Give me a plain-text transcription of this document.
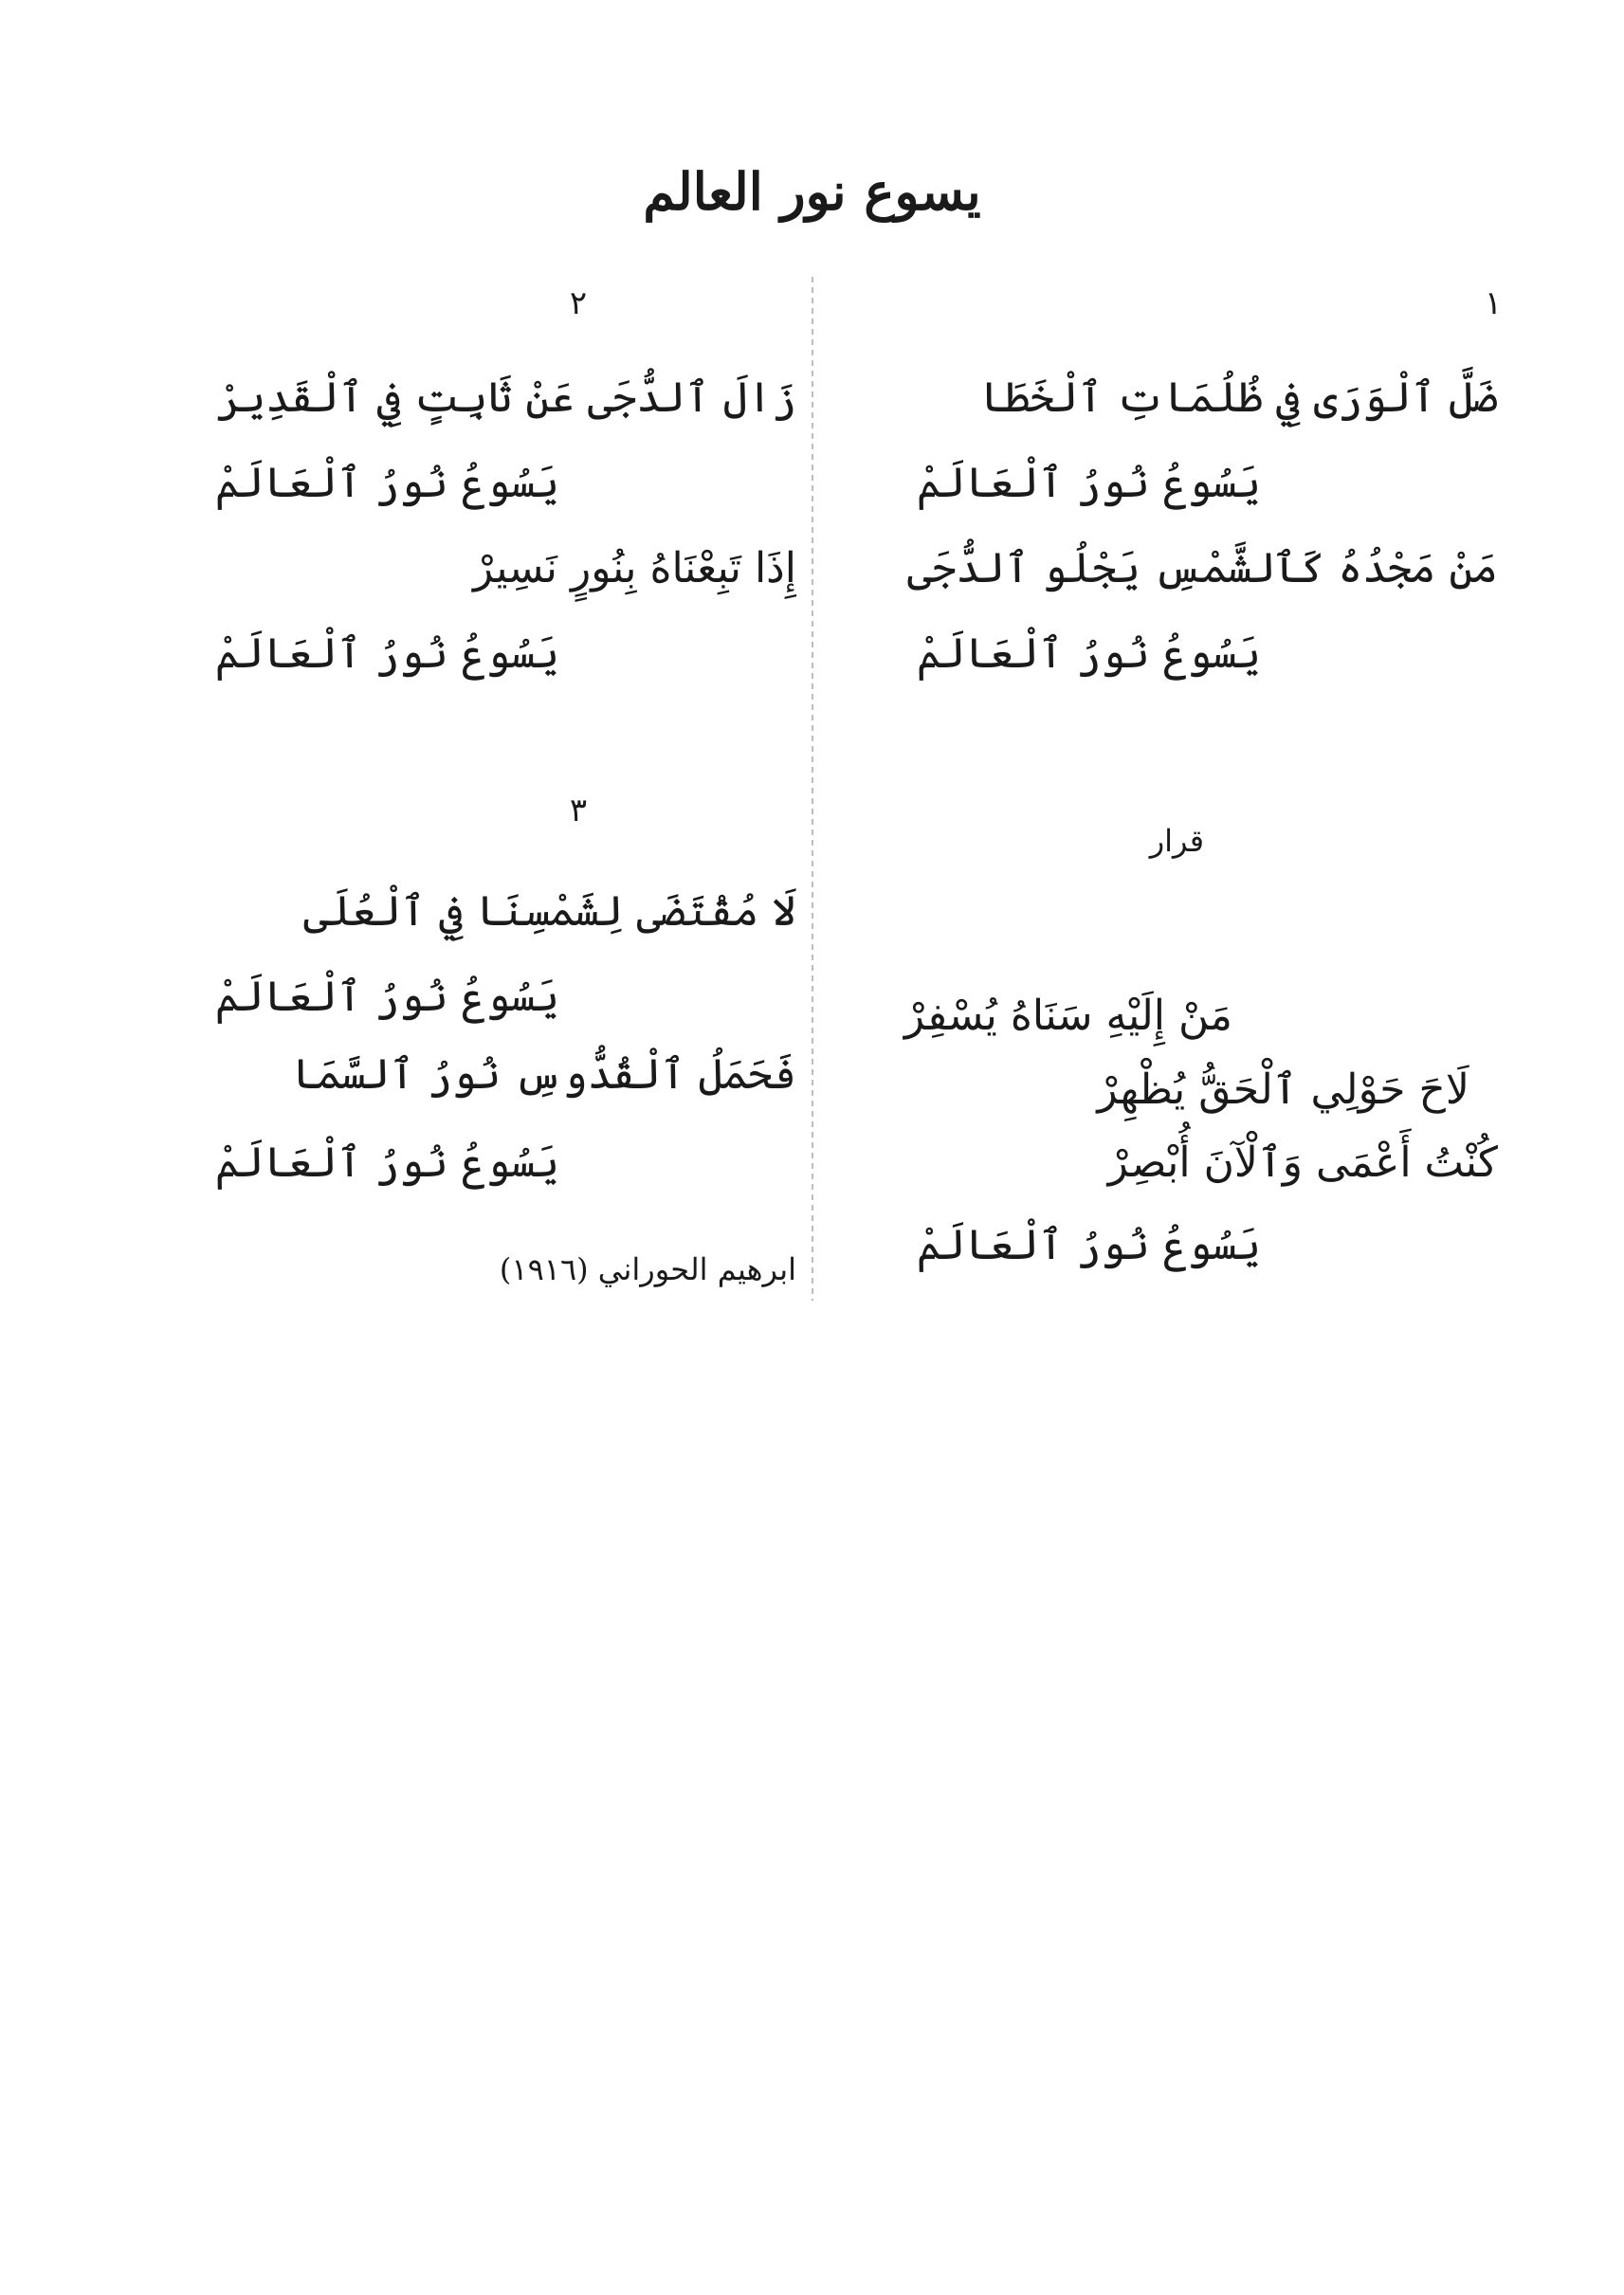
يسوع نور العالم
١
ضَلَّ ٱلْوَرَى فِي ظُلُمَاتِ ٱلْخَطَا
يَسُوعُ نُورُ ٱلْعَالَمْ
مَنْ مَجْدُهُ كَٱلشَّمْسِ يَجْلُو ٱلدُّجَى
يَسُوعُ نُورُ ٱلْعَالَمْ
قرار
مَنْ إِلَيْهِ سَنَاهُ يُسْفِرْ
لَاحَ حَوْلِي ٱلْحَقُّ يُظْهِرْ
كُنْتُ أَعْمَى وَٱلْآنَ أُبْصِرْ
يَسُوعُ نُورُ ٱلْعَالَمْ
٢
زَالَ ٱلدُّجَى عَنْ ثَابِتٍ فِي ٱلْقَدِيرْ
يَسُوعُ نُورُ ٱلْعَالَمْ
إِذَا تَبِعْنَاهُ بِنُورٍ نَسِيرْ
يَسُوعُ نُورُ ٱلْعَالَمْ
٣
لَا مُقْتَضَى لِشَمْسِنَا فِي ٱلْعُلَى
يَسُوعُ نُورُ ٱلْعَالَمْ
فَحَمَلُ ٱلْقُدُّوسِ نُورُ ٱلسَّمَا
يَسُوعُ نُورُ ٱلْعَالَمْ
ابرهيم الحوراني (١٩١٦)
